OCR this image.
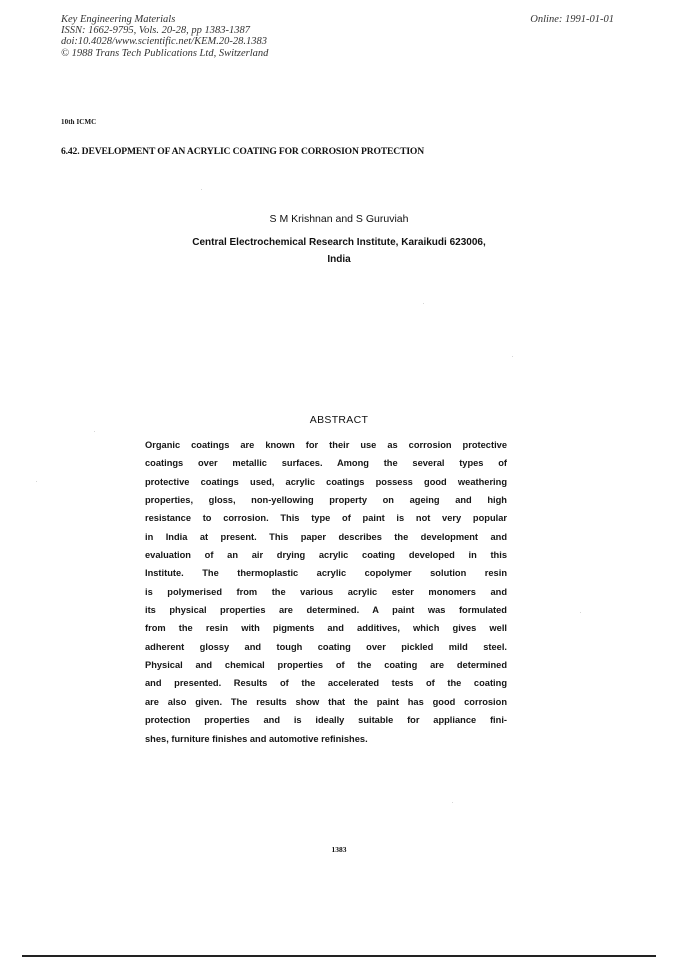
Key Engineering Materials
ISSN: 1662-9795, Vols. 20-28, pp 1383-1387
doi:10.4028/www.scientific.net/KEM.20-28.1383
© 1988 Trans Tech Publications Ltd, Switzerland
Online: 1991-01-01
10th ICMC
6.42. DEVELOPMENT OF AN ACRYLIC COATING FOR CORROSION PROTECTION
S M Krishnan and S Guruviah
Central Electrochemical Research Institute, Karaikudi 623006,
India
ABSTRACT
Organic coatings are known for their use as corrosion protective
coatings over metallic surfaces. Among the several types of
protective coatings used, acrylic coatings possess good weathering
properties, gloss, non-yellowing property on ageing and high
resistance to corrosion. This type of paint is not very popular
in India at present. This paper describes the development and
evaluation of an air drying acrylic coating developed in this
Institute. The thermoplastic acrylic copolymer solution resin
is polymerised from the various acrylic ester monomers and
its physical properties are determined. A paint was formulated
from the resin with pigments and additives, which gives well
adherent glossy and tough coating over pickled mild steel.
Physical and chemical properties of the coating are determined
and presented. Results of the accelerated tests of the coating
are also given. The results show that the paint has good corrosion
protection properties and is ideally suitable for appliance fini-
shes, furniture finishes and automotive refinishes.
1383
